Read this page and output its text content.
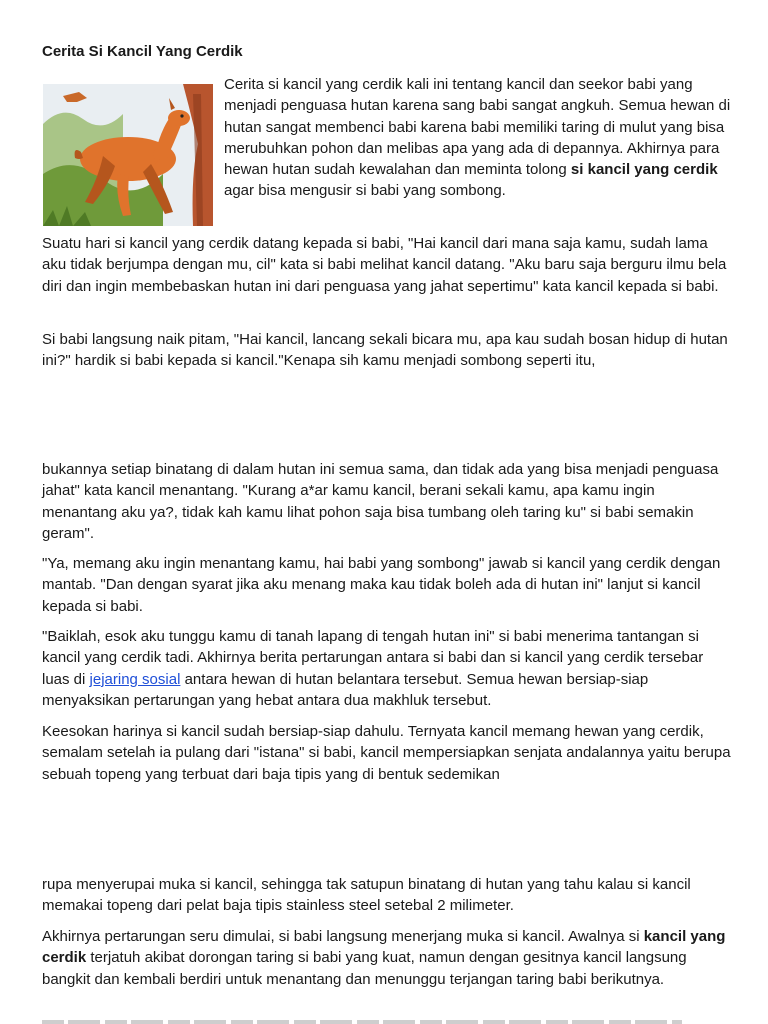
Cerita Si Kancil Yang Cerdik

Cerita si kancil yang cerdik kali ini tentang kancil dan seekor babi yang menjadi penguasa hutan karena sang babi sangat angkuh. Semua hewan di hutan sangat membenci babi karena babi memiliki taring di mulut yang bisa merubuhkan pohon dan melibas apa yang ada di depannya. Akhirnya para hewan hutan sudah kewalahan dan meminta tolong si kancil yang cerdik agar bisa mengusir si babi yang sombong.

Suatu hari si kancil yang cerdik datang kepada si babi, "Hai kancil dari mana saja kamu, sudah lama aku tidak berjumpa dengan mu, cil" kata si babi melihat kancil datang. "Aku baru saja berguru ilmu bela diri dan ingin membebaskan hutan ini dari penguasa yang jahat sepertimu" kata kancil kepada si babi.

Si babi langsung naik pitam, "Hai kancil, lancang sekali bicara mu, apa kau sudah bosan hidup di hutan ini?" hardik si babi kepada si kancil."Kenapa sih kamu menjadi sombong seperti itu,

bukannya setiap binatang di dalam hutan ini semua sama, dan tidak ada yang bisa menjadi penguasa jahat" kata kancil menantang. "Kurang a*ar kamu kancil, berani sekali kamu, apa kamu ingin menantang aku ya?, tidak kah kamu lihat pohon saja bisa tumbang oleh taring ku" si babi semakin geram".

"Ya, memang aku ingin menantang kamu, hai babi yang sombong" jawab si kancil yang cerdik dengan mantab. "Dan dengan syarat jika aku menang maka kau tidak boleh ada di hutan ini" lanjut si kancil kepada si babi.

"Baiklah, esok aku tunggu kamu di tanah lapang di tengah hutan ini" si babi menerima tantangan si kancil yang cerdik tadi. Akhirnya berita pertarungan antara si babi dan si kancil yang cerdik tersebar luas di jejaring sosial antara hewan di hutan belantara tersebut. Semua hewan bersiap-siap menyaksikan pertarungan yang hebat antara dua makhluk tersebut.

Keesokan harinya si kancil sudah bersiap-siap dahulu. Ternyata kancil memang hewan yang cerdik, semalam setelah ia pulang dari "istana" si babi, kancil mempersiapkan senjata andalannya yaitu berupa sebuah topeng yang terbuat dari baja tipis yang di bentuk sedemikan

rupa menyerupai muka si kancil, sehingga tak satupun binatang di hutan yang tahu kalau si kancil memakai topeng dari pelat baja tipis stainless steel setebal 2 milimeter.

Akhirnya pertarungan seru dimulai, si babi langsung menerjang muka si kancil. Awalnya si kancil yang cerdik terjatuh akibat dorongan taring si babi yang kuat, namun dengan gesitnya kancil langsung bangkit dan kembali berdiri untuk menantang dan menunggu terjangan taring babi berikutnya.
